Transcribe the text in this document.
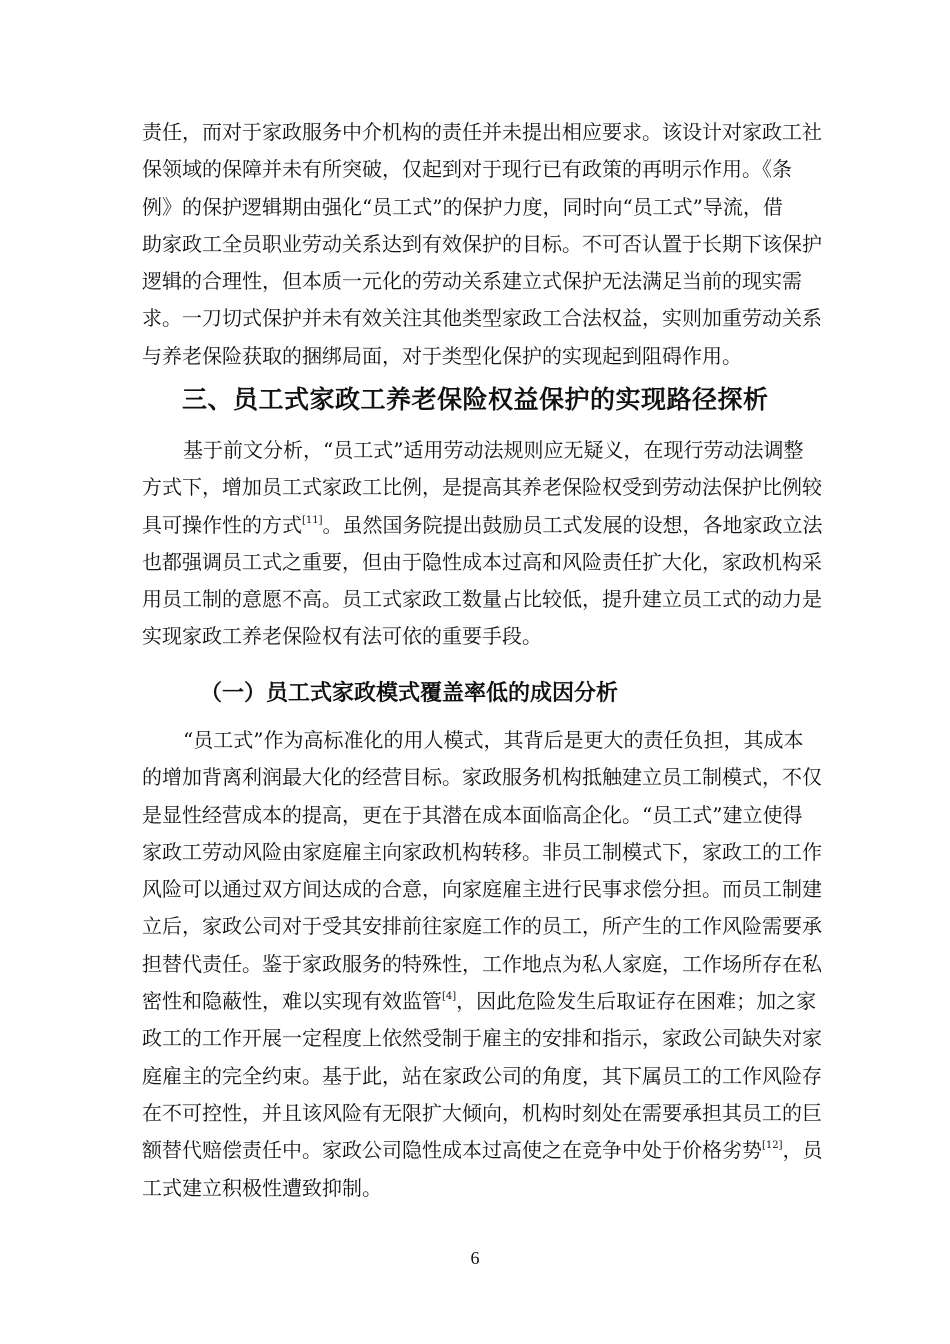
责任，而对于家政服务中介机构的责任并未提出相应要求。该设计对家政工社
保领域的保障并未有所突破，仅起到对于现行已有政策的再明示作用。《条
例》的保护逻辑期由强化“员工式”的保护力度，同时向“员工式”导流，借
助家政工全员职业劳动关系达到有效保护的目标。不可否认置于长期下该保护
逻辑的合理性，但本质一元化的劳动关系建立式保护无法满足当前的现实需
求。一刀切式保护并未有效关注其他类型家政工合法权益，实则加重劳动关系
与养老保险获取的捆绑局面，对于类型化保护的实现起到阻碍作用。

三、员工式家政工养老保险权益保护的实现路径探析

基于前文分析，“员工式”适用劳动法规则应无疑义，在现行劳动法调整
方式下，增加员工式家政工比例，是提高其养老保险权受到劳动法保护比例较
具可操作性的方式[11]。虽然国务院提出鼓励员工式发展的设想，各地家政立法
也都强调员工式之重要，但由于隐性成本过高和风险责任扩大化，家政机构采
用员工制的意愿不高。员工式家政工数量占比较低，提升建立员工式的动力是
实现家政工养老保险权有法可依的重要手段。

（一）员工式家政模式覆盖率低的成因分析

“员工式”作为高标准化的用人模式，其背后是更大的责任负担，其成本
的增加背离利润最大化的经营目标。家政服务机构抵触建立员工制模式，不仅
是显性经营成本的提高，更在于其潜在成本面临高企化。“员工式”建立使得
家政工劳动风险由家庭雇主向家政机构转移。非员工制模式下，家政工的工作
风险可以通过双方间达成的合意，向家庭雇主进行民事求偿分担。而员工制建
立后，家政公司对于受其安排前往家庭工作的员工，所产生的工作风险需要承
担替代责任。鉴于家政服务的特殊性，工作地点为私人家庭，工作场所存在私
密性和隐蔽性，难以实现有效监管[4]，因此危险发生后取证存在困难；加之家
政工的工作开展一定程度上依然受制于雇主的安排和指示，家政公司缺失对家
庭雇主的完全约束。基于此，站在家政公司的角度，其下属员工的工作风险存
在不可控性，并且该风险有无限扩大倾向，机构时刻处在需要承担其员工的巨
额替代赔偿责任中。家政公司隐性成本过高使之在竞争中处于价格劣势[12]，员
工式建立积极性遭致抑制。

6
